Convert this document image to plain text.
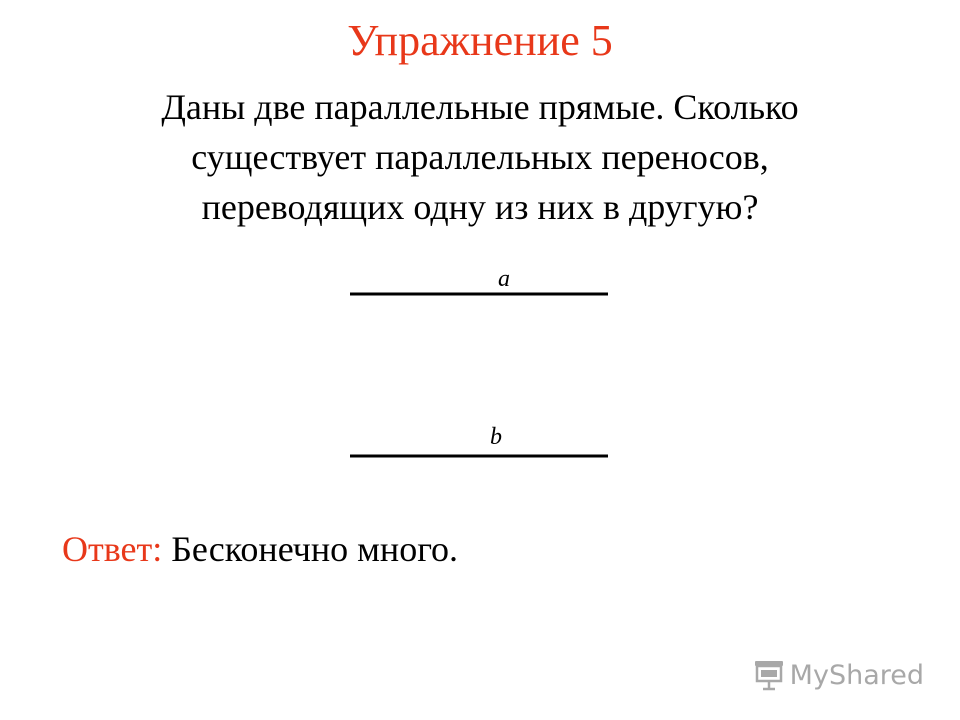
Упражнение 5
Даны две параллельные прямые. Сколько
существует параллельных переносов,
переводящих одну из них в другую?
a
b
Ответ: Бесконечно много.
MyShared
